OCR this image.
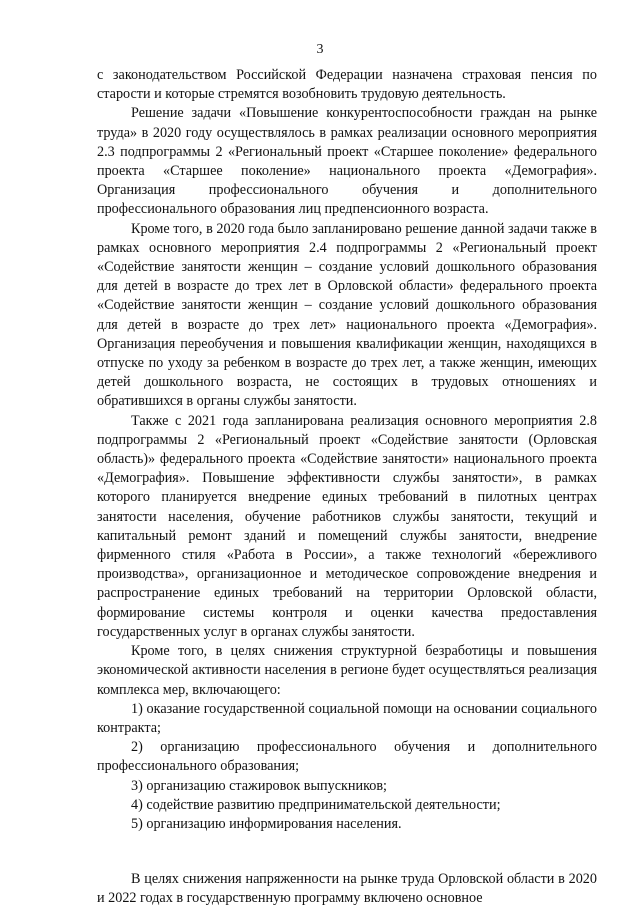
3

с законодательством Российской Федерации назначена страховая пенсия по старости и которые стремятся возобновить трудовую деятельность.

Решение задачи «Повышение конкурентоспособности граждан на рынке труда» в 2020 году осуществлялось в рамках реализации основного мероприятия 2.3 подпрограммы 2 «Региональный проект «Старшее поколение» федерального проекта «Старшее поколение» национального проекта «Демография». Организация профессионального обучения и дополнительного профессионального образования лиц предпенсионного возраста.

Кроме того, в 2020 года было запланировано решение данной задачи также в рамках основного мероприятия 2.4 подпрограммы 2 «Региональный проект «Содействие занятости женщин – создание условий дошкольного образования для детей в возрасте до трех лет в Орловской области» федерального проекта «Содействие занятости женщин – создание условий дошкольного образования для детей в возрасте до трех лет» национального проекта «Демография». Организация переобучения и повышения квалификации женщин, находящихся в отпуске по уходу за ребенком в возрасте до трех лет, а также женщин, имеющих детей дошкольного возраста, не состоящих в трудовых отношениях и обратившихся в органы службы занятости.

Также с 2021 года запланирована реализация основного мероприятия 2.8 подпрограммы 2 «Региональный проект «Содействие занятости (Орловская область)» федерального проекта «Содействие занятости» национального проекта «Демография». Повышение эффективности службы занятости», в рамках которого планируется внедрение единых требований в пилотных центрах занятости населения, обучение работников службы занятости, текущий и капитальный ремонт зданий и помещений службы занятости, внедрение фирменного стиля «Работа в России», а также технологий «бережливого производства», организационное и методическое сопровождение внедрения и распространение единых требований на территории Орловской области, формирование системы контроля и оценки качества предоставления государственных услуг в органах службы занятости.

Кроме того, в целях снижения структурной безработицы и повышения экономической активности населения в регионе будет осуществляться реализация комплекса мер, включающего:

1) оказание государственной социальной помощи на основании социального контракта;

2) организацию профессионального обучения и дополнительного профессионального образования;

3) организацию стажировок выпускников;

4) содействие развитию предпринимательской деятельности;

5) организацию информирования населения.

В целях снижения напряженности на рынке труда Орловской области в 2020 и 2022 годах в государственную программу включено основное
